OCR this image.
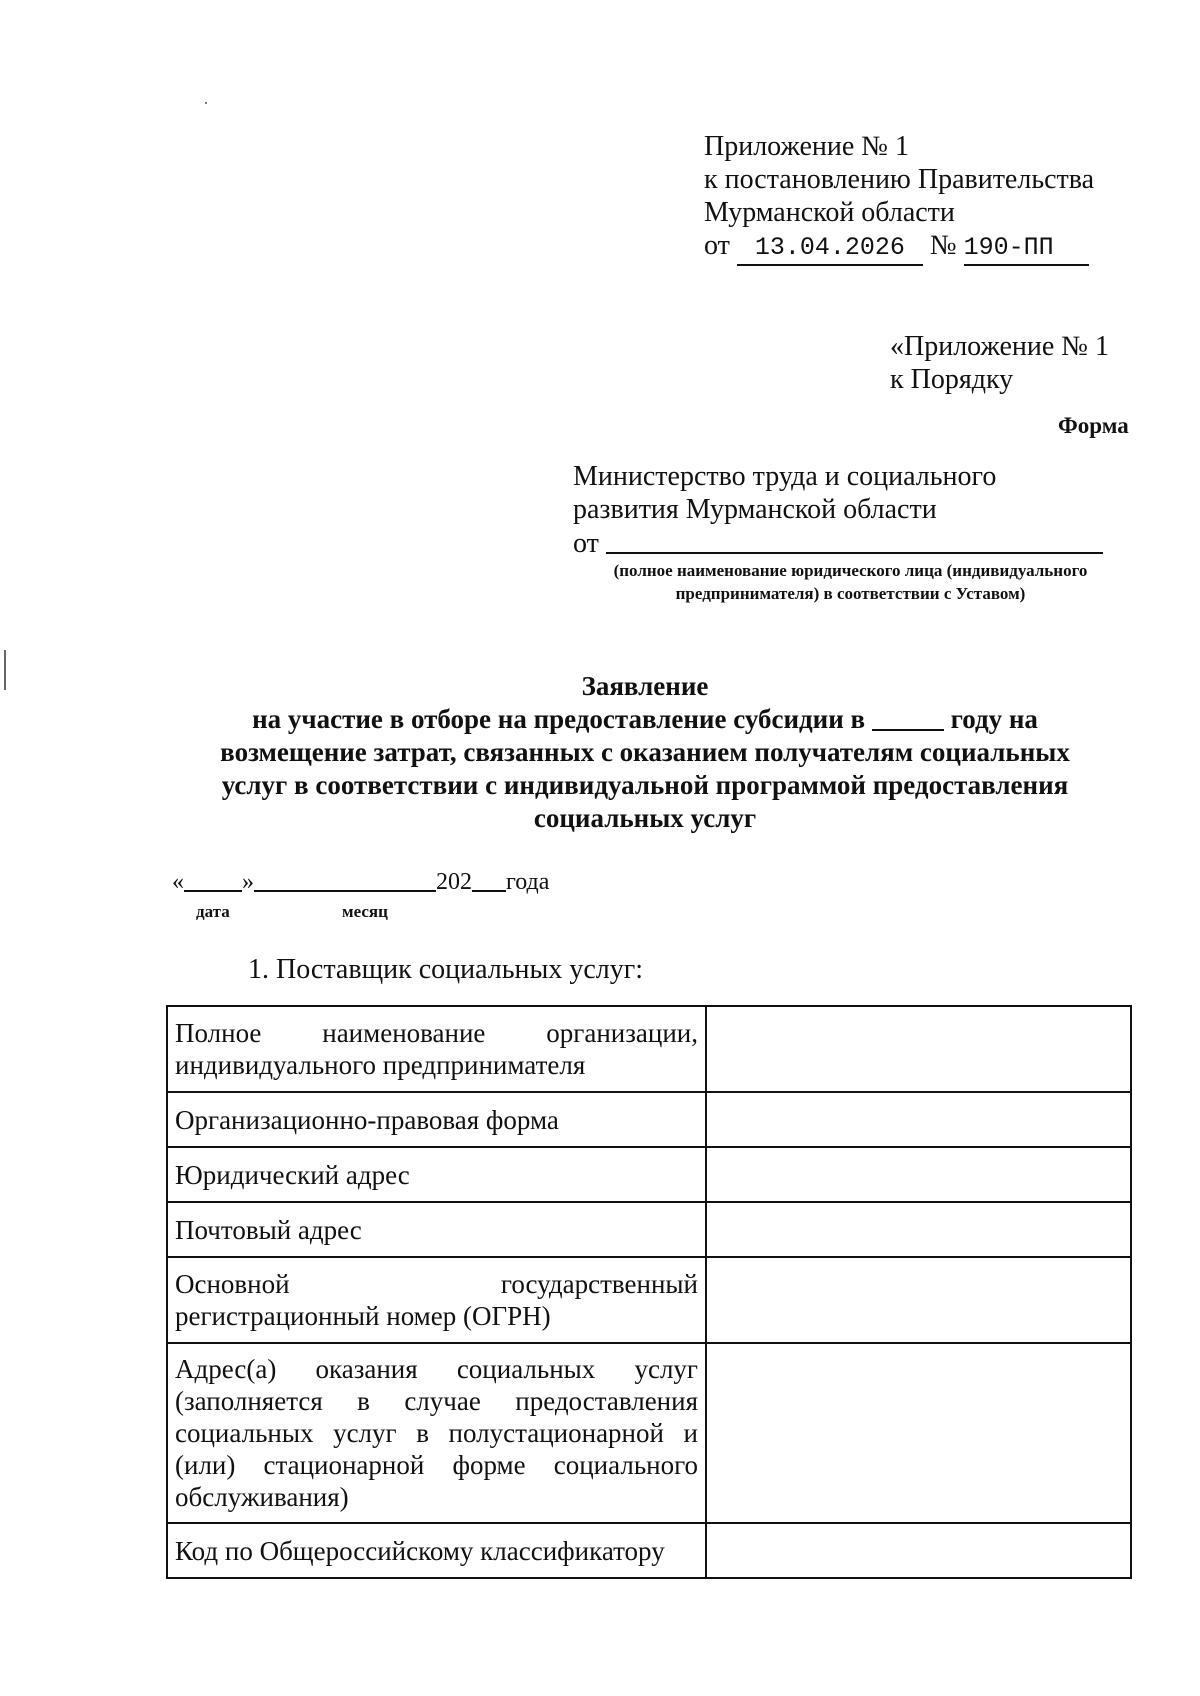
Приложение № 1
к постановлению Правительства
Мурманской области
от 13.04.2026 № 190-ПП
«Приложение № 1
к Порядку
Форма
Министерство труда и социального
развития Мурманской области
от
(полное наименование юридического лица (индивидуального предпринимателя) в соответствии с Уставом)
Заявление
на участие в отборе на предоставление субсидии в	году на
возмещение затрат, связанных с оказанием получателям социальных
услуг в соответствии с индивидуальной программой предоставления
социальных услуг
« »	202 года
дата	месяц
1. Поставщик социальных услуг:
Полное наименование организации, индивидуального предпринимателя	
Организационно-правовая форма	
Юридический адрес	
Почтовый адрес	
Основной государственный регистрационный номер (ОГРН)	
Адрес(а) оказания социальных услуг (заполняется в случае предоставления социальных услуг в полустационарной и (или) стационарной форме социального обслуживания)	
Код по Общероссийскому классификатору	
